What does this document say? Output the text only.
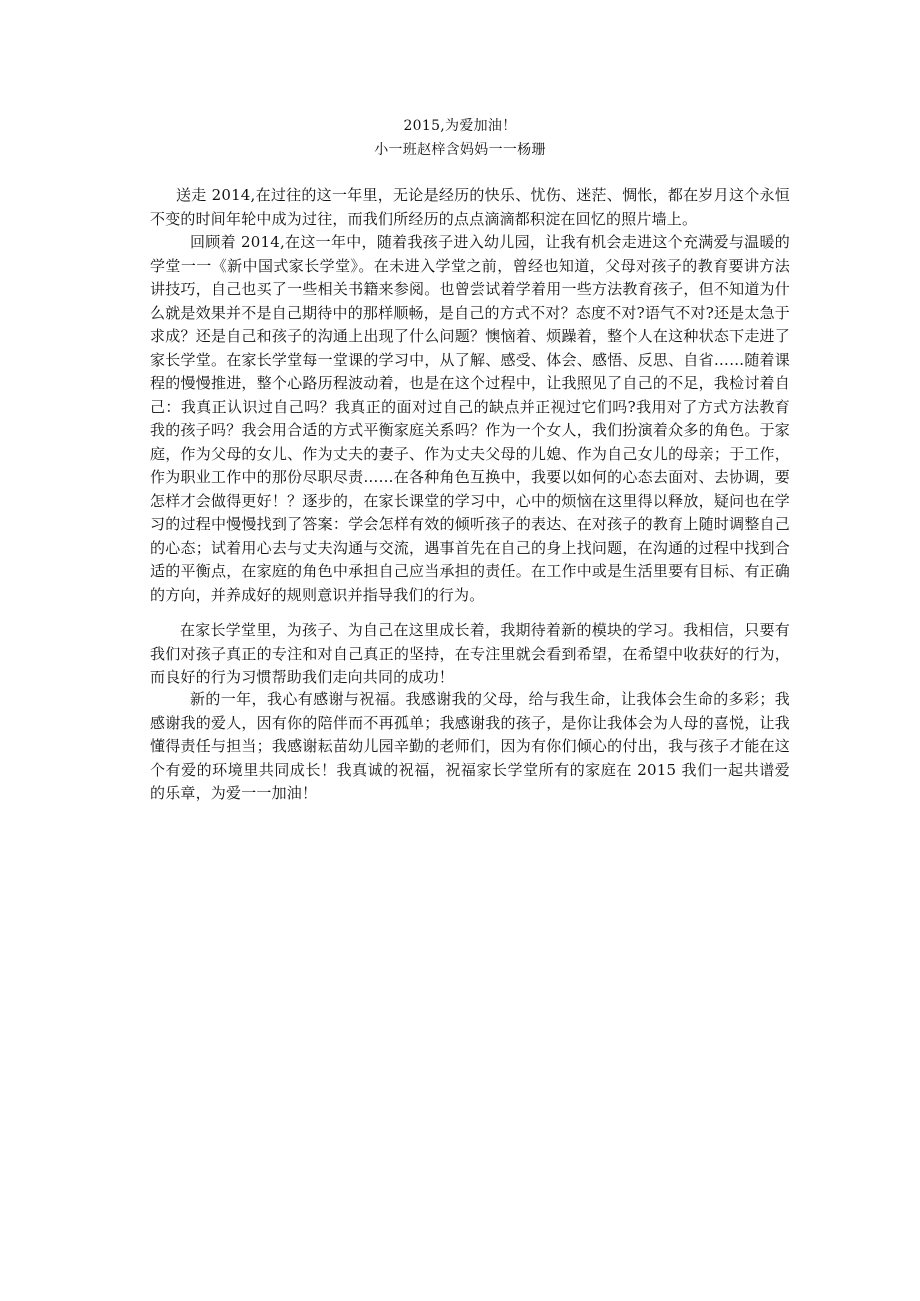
2015,为爱加油！
小一班赵梓含妈妈一一杨珊

送走 2014,在过往的这一年里，无论是经历的快乐、忧伤、迷茫、惆怅，都在岁月这个永恒不变的时间年轮中成为过往，而我们所经历的点点滴滴都积淀在回忆的照片墙上。

回顾着 2014,在这一年中，随着我孩子进入幼儿园，让我有机会走进这个充满爱与温暖的学堂一一《新中国式家长学堂》。在未进入学堂之前，曾经也知道，父母对孩子的教育要讲方法讲技巧，自己也买了一些相关书籍来参阅。也曾尝试着学着用一些方法教育孩子，但不知道为什么就是效果并不是自己期待中的那样顺畅，是自己的方式不对？态度不对?语气不对?还是太急于求成？还是自己和孩子的沟通上出现了什么问题？懊恼着、烦躁着，整个人在这种状态下走进了家长学堂。在家长学堂每一堂课的学习中，从了解、感受、体会、感悟、反思、自省……随着课程的慢慢推进，整个心路历程波动着，也是在这个过程中，让我照见了自己的不足，我检讨着自己：我真正认识过自己吗？我真正的面对过自己的缺点并正视过它们吗?我用对了方式方法教育我的孩子吗？我会用合适的方式平衡家庭关系吗？作为一个女人，我们扮演着众多的角色。于家庭，作为父母的女儿、作为丈夫的妻子、作为丈夫父母的儿媳、作为自己女儿的母亲；于工作，作为职业工作中的那份尽职尽责……在各种角色互换中，我要以如何的心态去面对、去协调，要怎样才会做得更好！？逐步的，在家长课堂的学习中，心中的烦恼在这里得以释放，疑问也在学习的过程中慢慢找到了答案：学会怎样有效的倾听孩子的表达、在对孩子的教育上随时调整自己的心态；试着用心去与丈夫沟通与交流，遇事首先在自己的身上找问题，在沟通的过程中找到合适的平衡点，在家庭的角色中承担自己应当承担的责任。在工作中或是生活里要有目标、有正确的方向，并养成好的规则意识并指导我们的行为。

在家长学堂里，为孩子、为自己在这里成长着，我期待着新的模块的学习。我相信，只要有我们对孩子真正的专注和对自己真正的坚持，在专注里就会看到希望，在希望中收获好的行为，而良好的行为习惯帮助我们走向共同的成功！

新的一年，我心有感谢与祝福。我感谢我的父母，给与我生命，让我体会生命的多彩；我感谢我的爱人，因有你的陪伴而不再孤单；我感谢我的孩子，是你让我体会为人母的喜悦，让我懂得责任与担当；我感谢耘苗幼儿园辛勤的老师们，因为有你们倾心的付出，我与孩子才能在这个有爱的环境里共同成长！我真诚的祝福，祝福家长学堂所有的家庭在 2015 我们一起共谱爱的乐章，为爱一一加油！
